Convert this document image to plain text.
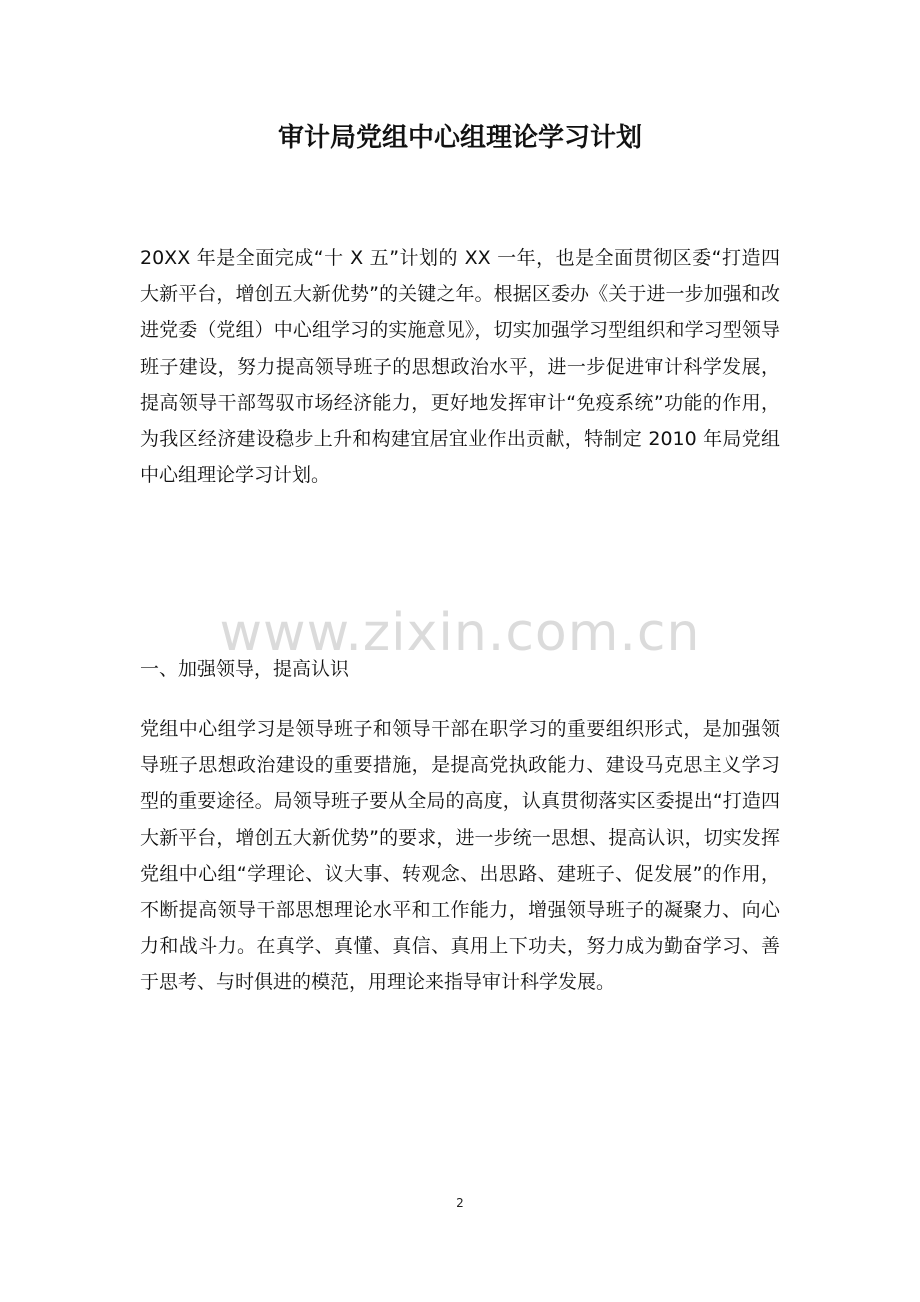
审计局党组中心组理论学习计划

20XX 年是全面完成“十 X 五”计划的 XX 一年，也是全面贯彻区委“打造四大新平台，增创五大新优势”的关键之年。根据区委办《关于进一步加强和改进党委（党组）中心组学习的实施意见》，切实加强学习型组织和学习型领导班子建设，努力提高领导班子的思想政治水平，进一步促进审计科学发展，提高领导干部驾驭市场经济能力，更好地发挥审计“免疫系统”功能的作用，为我区经济建设稳步上升和构建宜居宜业作出贡献，特制定 2010 年局党组中心组理论学习计划。

www.zixin.com.cn

一、加强领导，提高认识

党组中心组学习是领导班子和领导干部在职学习的重要组织形式，是加强领导班子思想政治建设的重要措施，是提高党执政能力、建设马克思主义学习型的重要途径。局领导班子要从全局的高度，认真贯彻落实区委提出“打造四大新平台，增创五大新优势”的要求，进一步统一思想、提高认识，切实发挥党组中心组“学理论、议大事、转观念、出思路、建班子、促发展”的作用，不断提高领导干部思想理论水平和工作能力，增强领导班子的凝聚力、向心力和战斗力。在真学、真懂、真信、真用上下功夫，努力成为勤奋学习、善于思考、与时俱进的模范，用理论来指导审计科学发展。

2
